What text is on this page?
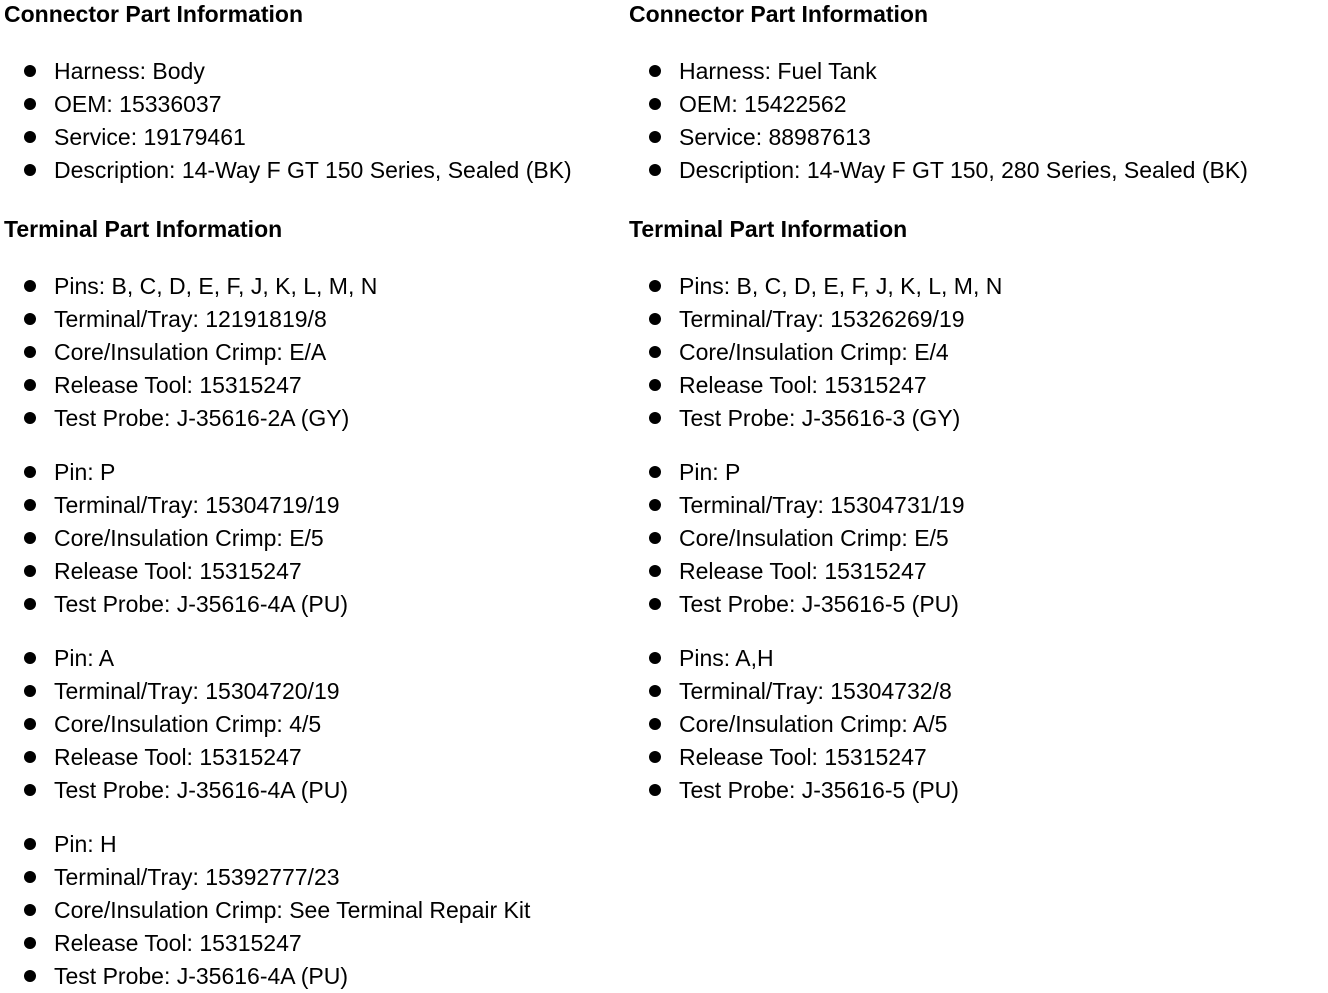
Connector Part Information
Harness: Body
OEM: 15336037
Service: 19179461
Description: 14-Way F GT 150 Series, Sealed (BK)
Terminal Part Information
Pins: B, C, D, E, F, J, K, L, M, N
Terminal/Tray: 12191819/8
Core/Insulation Crimp: E/A
Release Tool: 15315247
Test Probe: J-35616-2A (GY)
Pin: P
Terminal/Tray: 15304719/19
Core/Insulation Crimp: E/5
Release Tool: 15315247
Test Probe: J-35616-4A (PU)
Pin: A
Terminal/Tray: 15304720/19
Core/Insulation Crimp: 4/5
Release Tool: 15315247
Test Probe: J-35616-4A (PU)
Pin: H
Terminal/Tray: 15392777/23
Core/Insulation Crimp: See Terminal Repair Kit
Release Tool: 15315247
Test Probe: J-35616-4A (PU)
Connector Part Information
Harness: Fuel Tank
OEM: 15422562
Service: 88987613
Description: 14-Way F GT 150, 280 Series, Sealed (BK)
Terminal Part Information
Pins: B, C, D, E, F, J, K, L, M, N
Terminal/Tray: 15326269/19
Core/Insulation Crimp: E/4
Release Tool: 15315247
Test Probe: J-35616-3 (GY)
Pin: P
Terminal/Tray: 15304731/19
Core/Insulation Crimp: E/5
Release Tool: 15315247
Test Probe: J-35616-5 (PU)
Pins: A,H
Terminal/Tray: 15304732/8
Core/Insulation Crimp: A/5
Release Tool: 15315247
Test Probe: J-35616-5 (PU)
